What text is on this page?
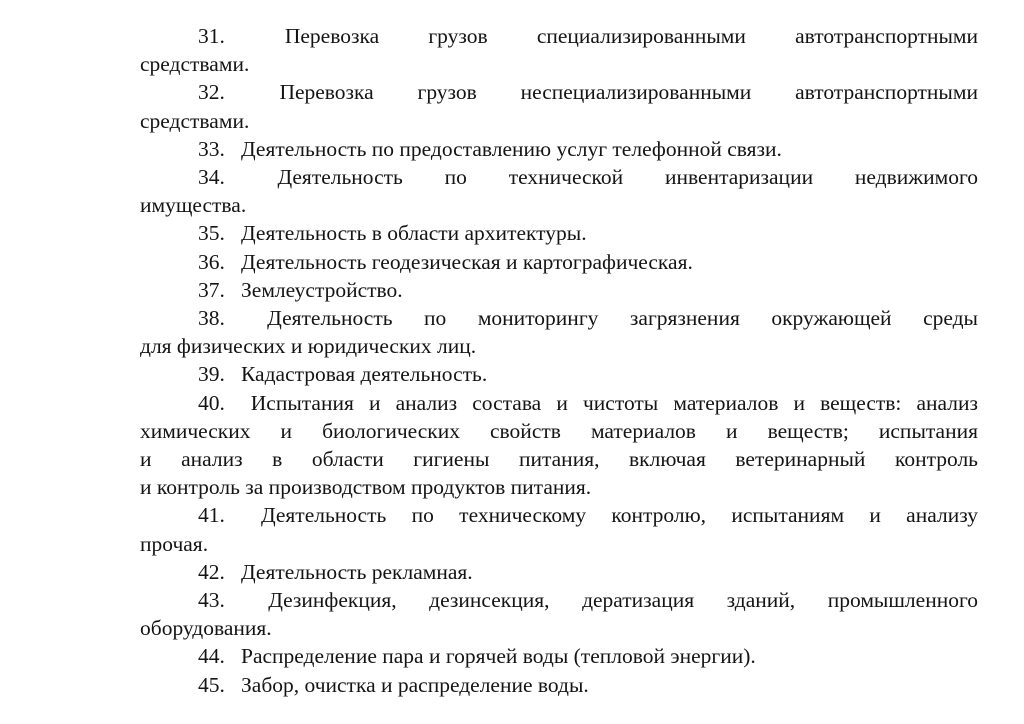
31. 	Перевозка грузов специализированными автотранспортными
средствами.
32. 	Перевозка грузов неспециализированными автотранспортными
средствами.
33.  Деятельность по предоставлению услуг телефонной связи.
34.  Деятельность по технической инвентаризации недвижимого
имущества.
35.  Деятельность в области архитектуры.
36.  Деятельность геодезическая и картографическая.
37.  Землеустройство.
38.  Деятельность по мониторингу загрязнения окружающей среды
для физических и юридических лиц.
39.  Кадастровая деятельность.
40.  Испытания и анализ состава и чистоты материалов и веществ: анализ
химических и биологических свойств материалов и веществ; испытания
и анализ в области гигиены питания, включая ветеринарный контроль
и контроль за производством продуктов питания.
41.  Деятельность по техническому контролю, испытаниям и анализу
прочая.
42.  Деятельность рекламная.
43.  Дезинфекция, дезинсекция, дератизация зданий, промышленного
оборудования.
44.  Распределение пара и горячей воды (тепловой энергии).
45.  Забор, очистка и распределение воды.
